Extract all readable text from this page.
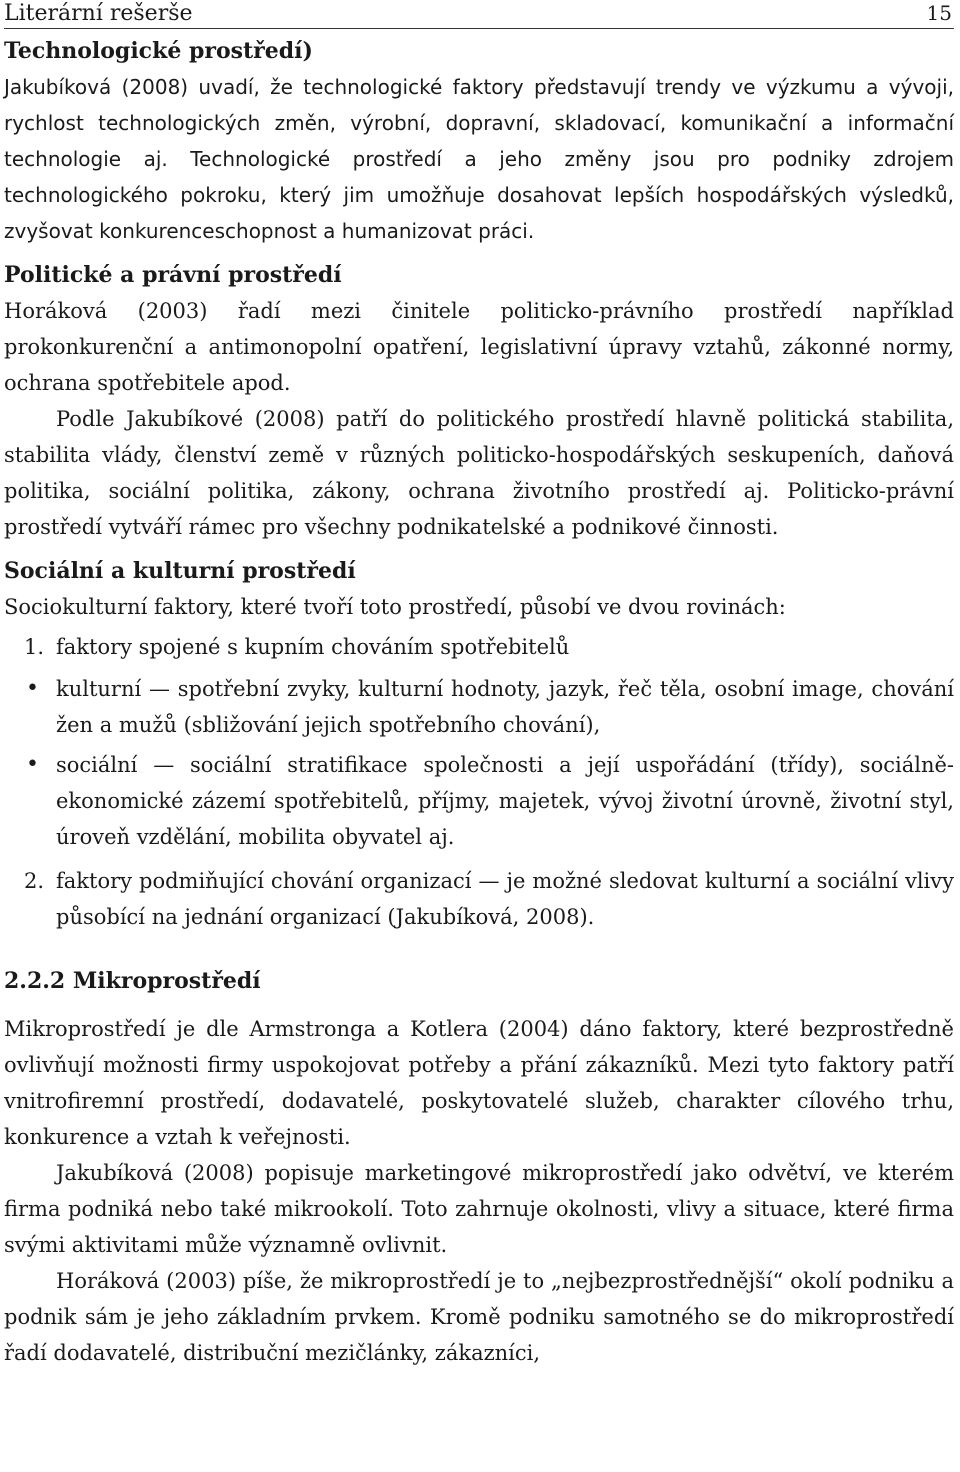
Literární rešerše	15
Technologické prostředí)

Jakubíková (2008) uvadí, že technologické faktory představují trendy ve výzkumu a vývoji, rychlost technologických změn, výrobní, dopravní, skladovací, komunikační a informační technologie aj. Technologické prostředí a jeho změny jsou pro podniky zdrojem technologického pokroku, který jim umožňuje dosahovat lepších hospodářských výsledků, zvyšovat konkurenceschopnost a humanizovat práci.

Politické a právní prostředí

Horáková (2003) řadí mezi činitele politicko-právního prostředí například prokonkurenční a antimonopolní opatření, legislativní úpravy vztahů, zákonné normy, ochrana spotřebitele apod.

Podle Jakubíkové (2008) patří do politického prostředí hlavně politická stabilita, stabilita vlády, členství země v různých politicko-hospodářských seskupeních, daňová politika, sociální politika, zákony, ochrana životního prostředí aj. Politicko-právní prostředí vytváří rámec pro všechny podnikatelské a podnikové činnosti.

Sociální a kulturní prostředí

Sociokulturní faktory, které tvoří toto prostředí, působí ve dvou rovinách:

1. faktory spojené s kupním chováním spotřebitelů
• kulturní — spotřební zvyky, kulturní hodnoty, jazyk, řeč těla, osobní image, chování žen a mužů (sbližování jejich spotřebního chování),
• sociální — sociální stratifikace společnosti a její uspořádání (třídy), sociálně-ekonomické zázemí spotřebitelů, příjmy, majetek, vývoj životní úrovně, životní styl, úroveň vzdělání, mobilita obyvatel aj.
2. faktory podmiňující chování organizací — je možné sledovat kulturní a sociální vlivy působící na jednání organizací (Jakubíková, 2008).
2.2.2 Mikroprostředí

Mikroprostředí je dle Armstronga a Kotlera (2004) dáno faktory, které bezprostředně ovlivňují možnosti firmy uspokojovat potřeby a přání zákazníků. Mezi tyto faktory patří vnitrofiremní prostředí, dodavatelé, poskytovatelé služeb, charakter cílového trhu, konkurence a vztah k veřejnosti.

Jakubíková (2008) popisuje marketingové mikroprostředí jako odvětví, ve kterém firma podniká nebo také mikrookolí. Toto zahrnuje okolnosti, vlivy a situace, které firma svými aktivitami může významně ovlivnit.

Horáková (2003) píše, že mikroprostředí je to „nejbezprostřednější“ okolí podniku a podnik sám je jeho základním prvkem. Kromě podniku samotného se do mikroprostředí řadí dodavatelé, distribuční mezičlánky, zákazníci,
